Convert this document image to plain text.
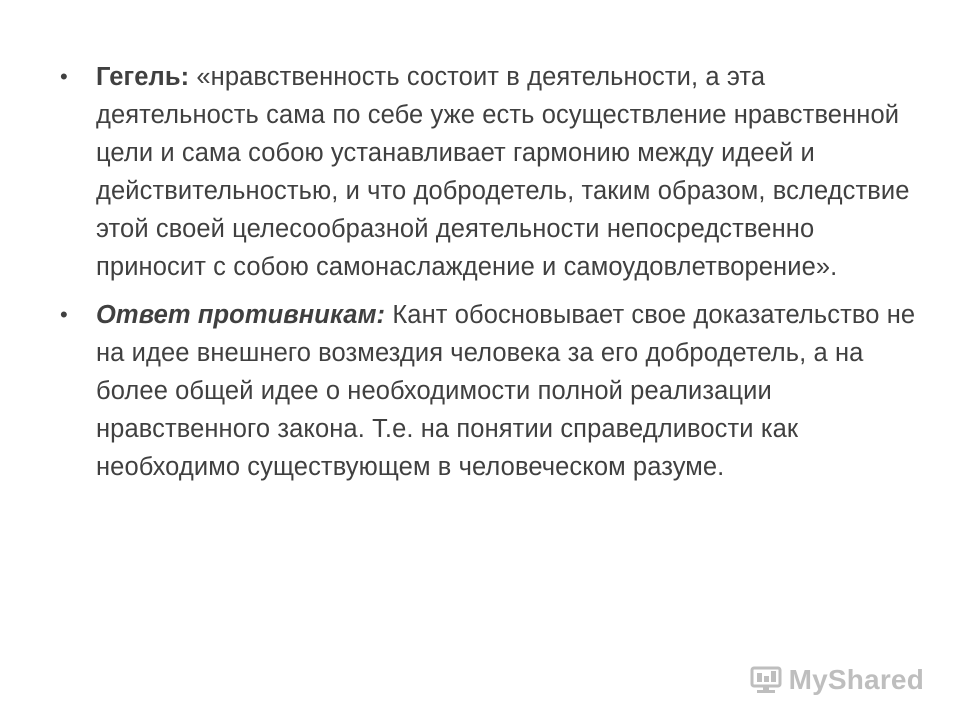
• Гегель: «нравственность состоит в деятельности, а эта деятельность сама по себе уже есть осуществление нравственной цели и сама собою устанавливает гармонию между идеей и действительностью, и что добродетель, таким образом, вследствие этой своей целесообразной деятельности непосредственно приносит с собою самонаслаждение и самоудовлетворение».
• Ответ противникам: Кант обосновывает свое доказательство не на идее внешнего возмездия человека за его добродетель, а на более общей идее о необходимости полной реализации нравственного закона. Т.е. на понятии справедливости как необходимо существующем в человеческом разуме.
MyShared
